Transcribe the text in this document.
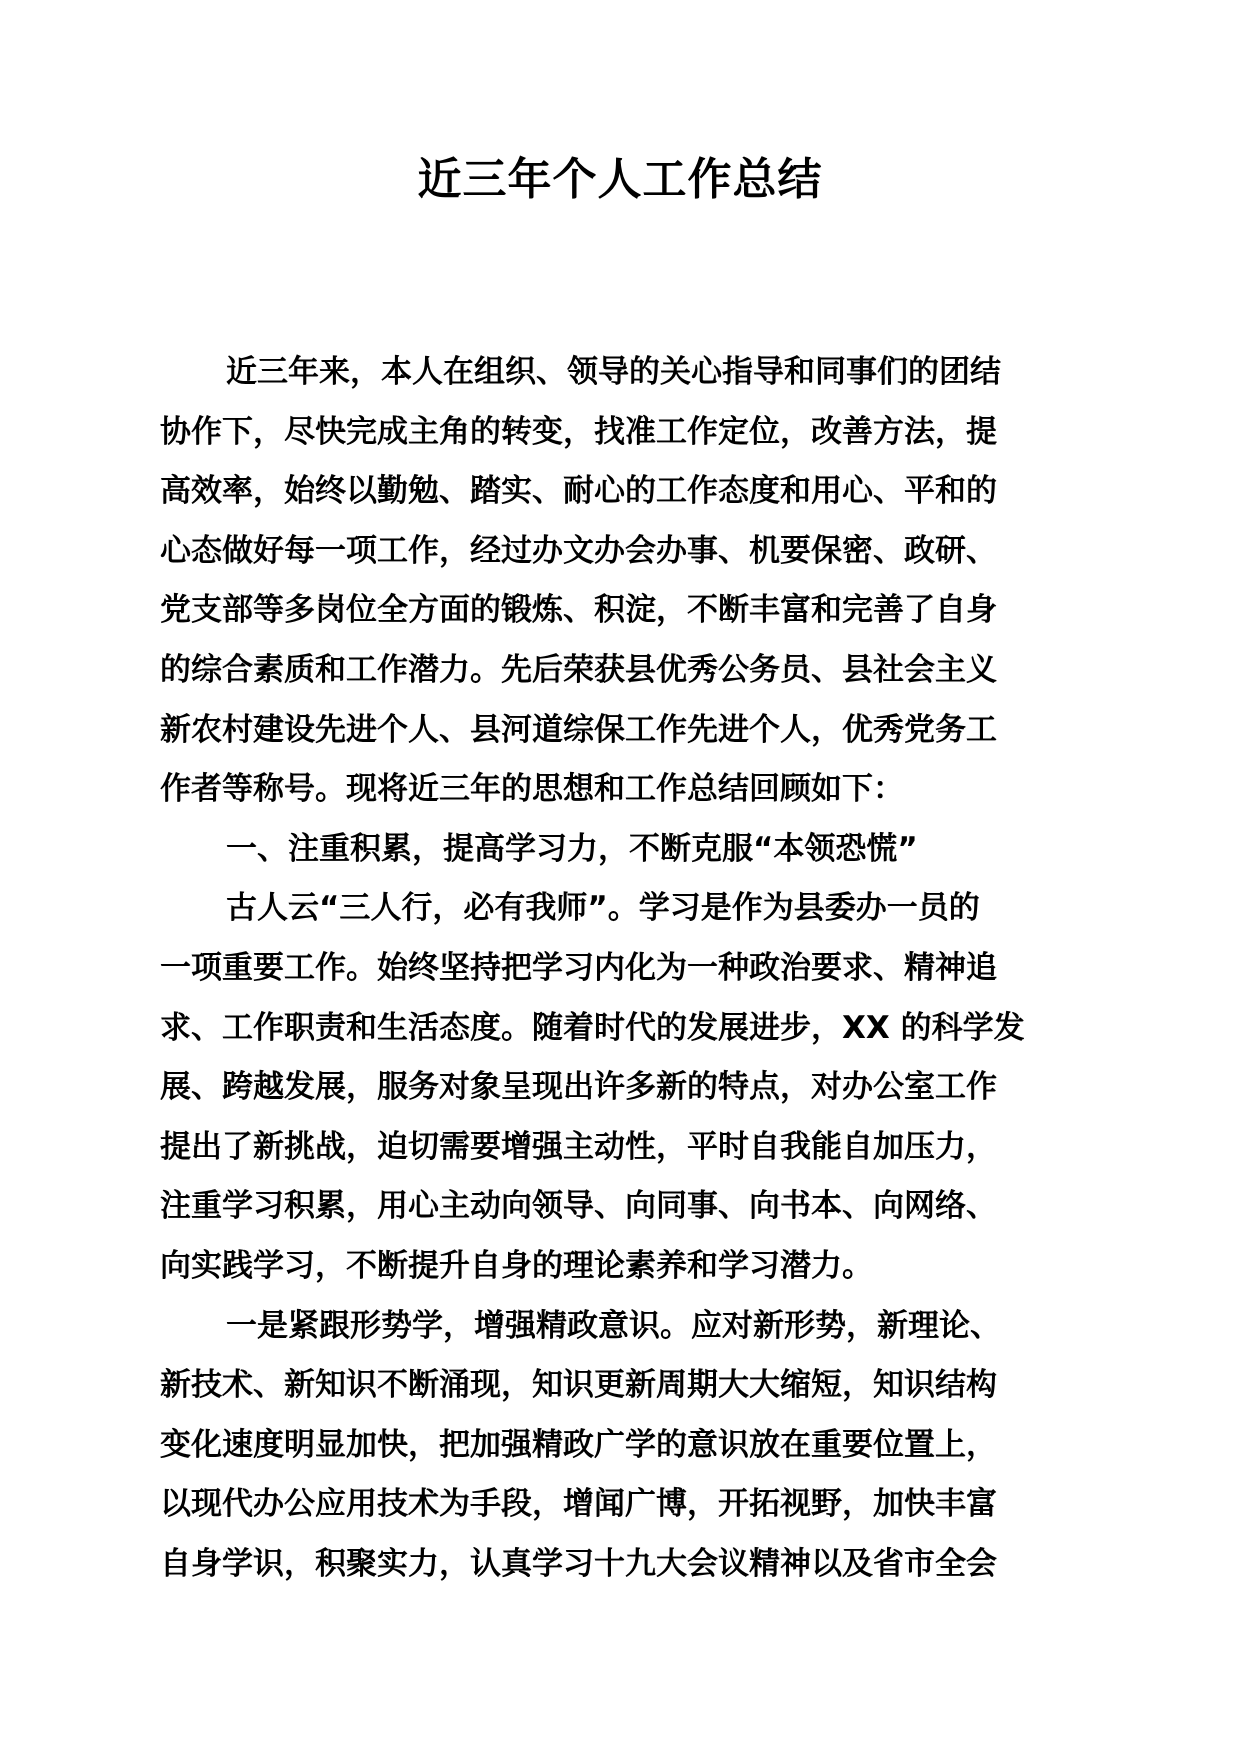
近三年个人工作总结
近三年来，本人在组织、领导的关心指导和同事们的团结
协作下，尽快完成主角的转变，找准工作定位，改善方法，提
高效率，始终以勤勉、踏实、耐心的工作态度和用心、平和的
心态做好每一项工作，经过办文办会办事、机要保密、政研、
党支部等多岗位全方面的锻炼、积淀，不断丰富和完善了自身
的综合素质和工作潜力。先后荣获县优秀公务员、县社会主义
新农村建设先进个人、县河道综保工作先进个人，优秀党务工
作者等称号。现将近三年的思想和工作总结回顾如下：
一、注重积累，提高学习力，不断克服“本领恐慌”
古人云“三人行，必有我师”。学习是作为县委办一员的
一项重要工作。始终坚持把学习内化为一种政治要求、精神追
求、工作职责和生活态度。随着时代的发展进步，XX 的科学发
展、跨越发展，服务对象呈现出许多新的特点，对办公室工作
提出了新挑战，迫切需要增强主动性，平时自我能自加压力，
注重学习积累，用心主动向领导、向同事、向书本、向网络、
向实践学习，不断提升自身的理论素养和学习潜力。
一是紧跟形势学，增强精政意识。应对新形势，新理论、
新技术、新知识不断涌现，知识更新周期大大缩短，知识结构
变化速度明显加快，把加强精政广学的意识放在重要位置上，
以现代办公应用技术为手段，增闻广博，开拓视野，加快丰富
自身学识，积聚实力，认真学习十九大会议精神以及省市全会
